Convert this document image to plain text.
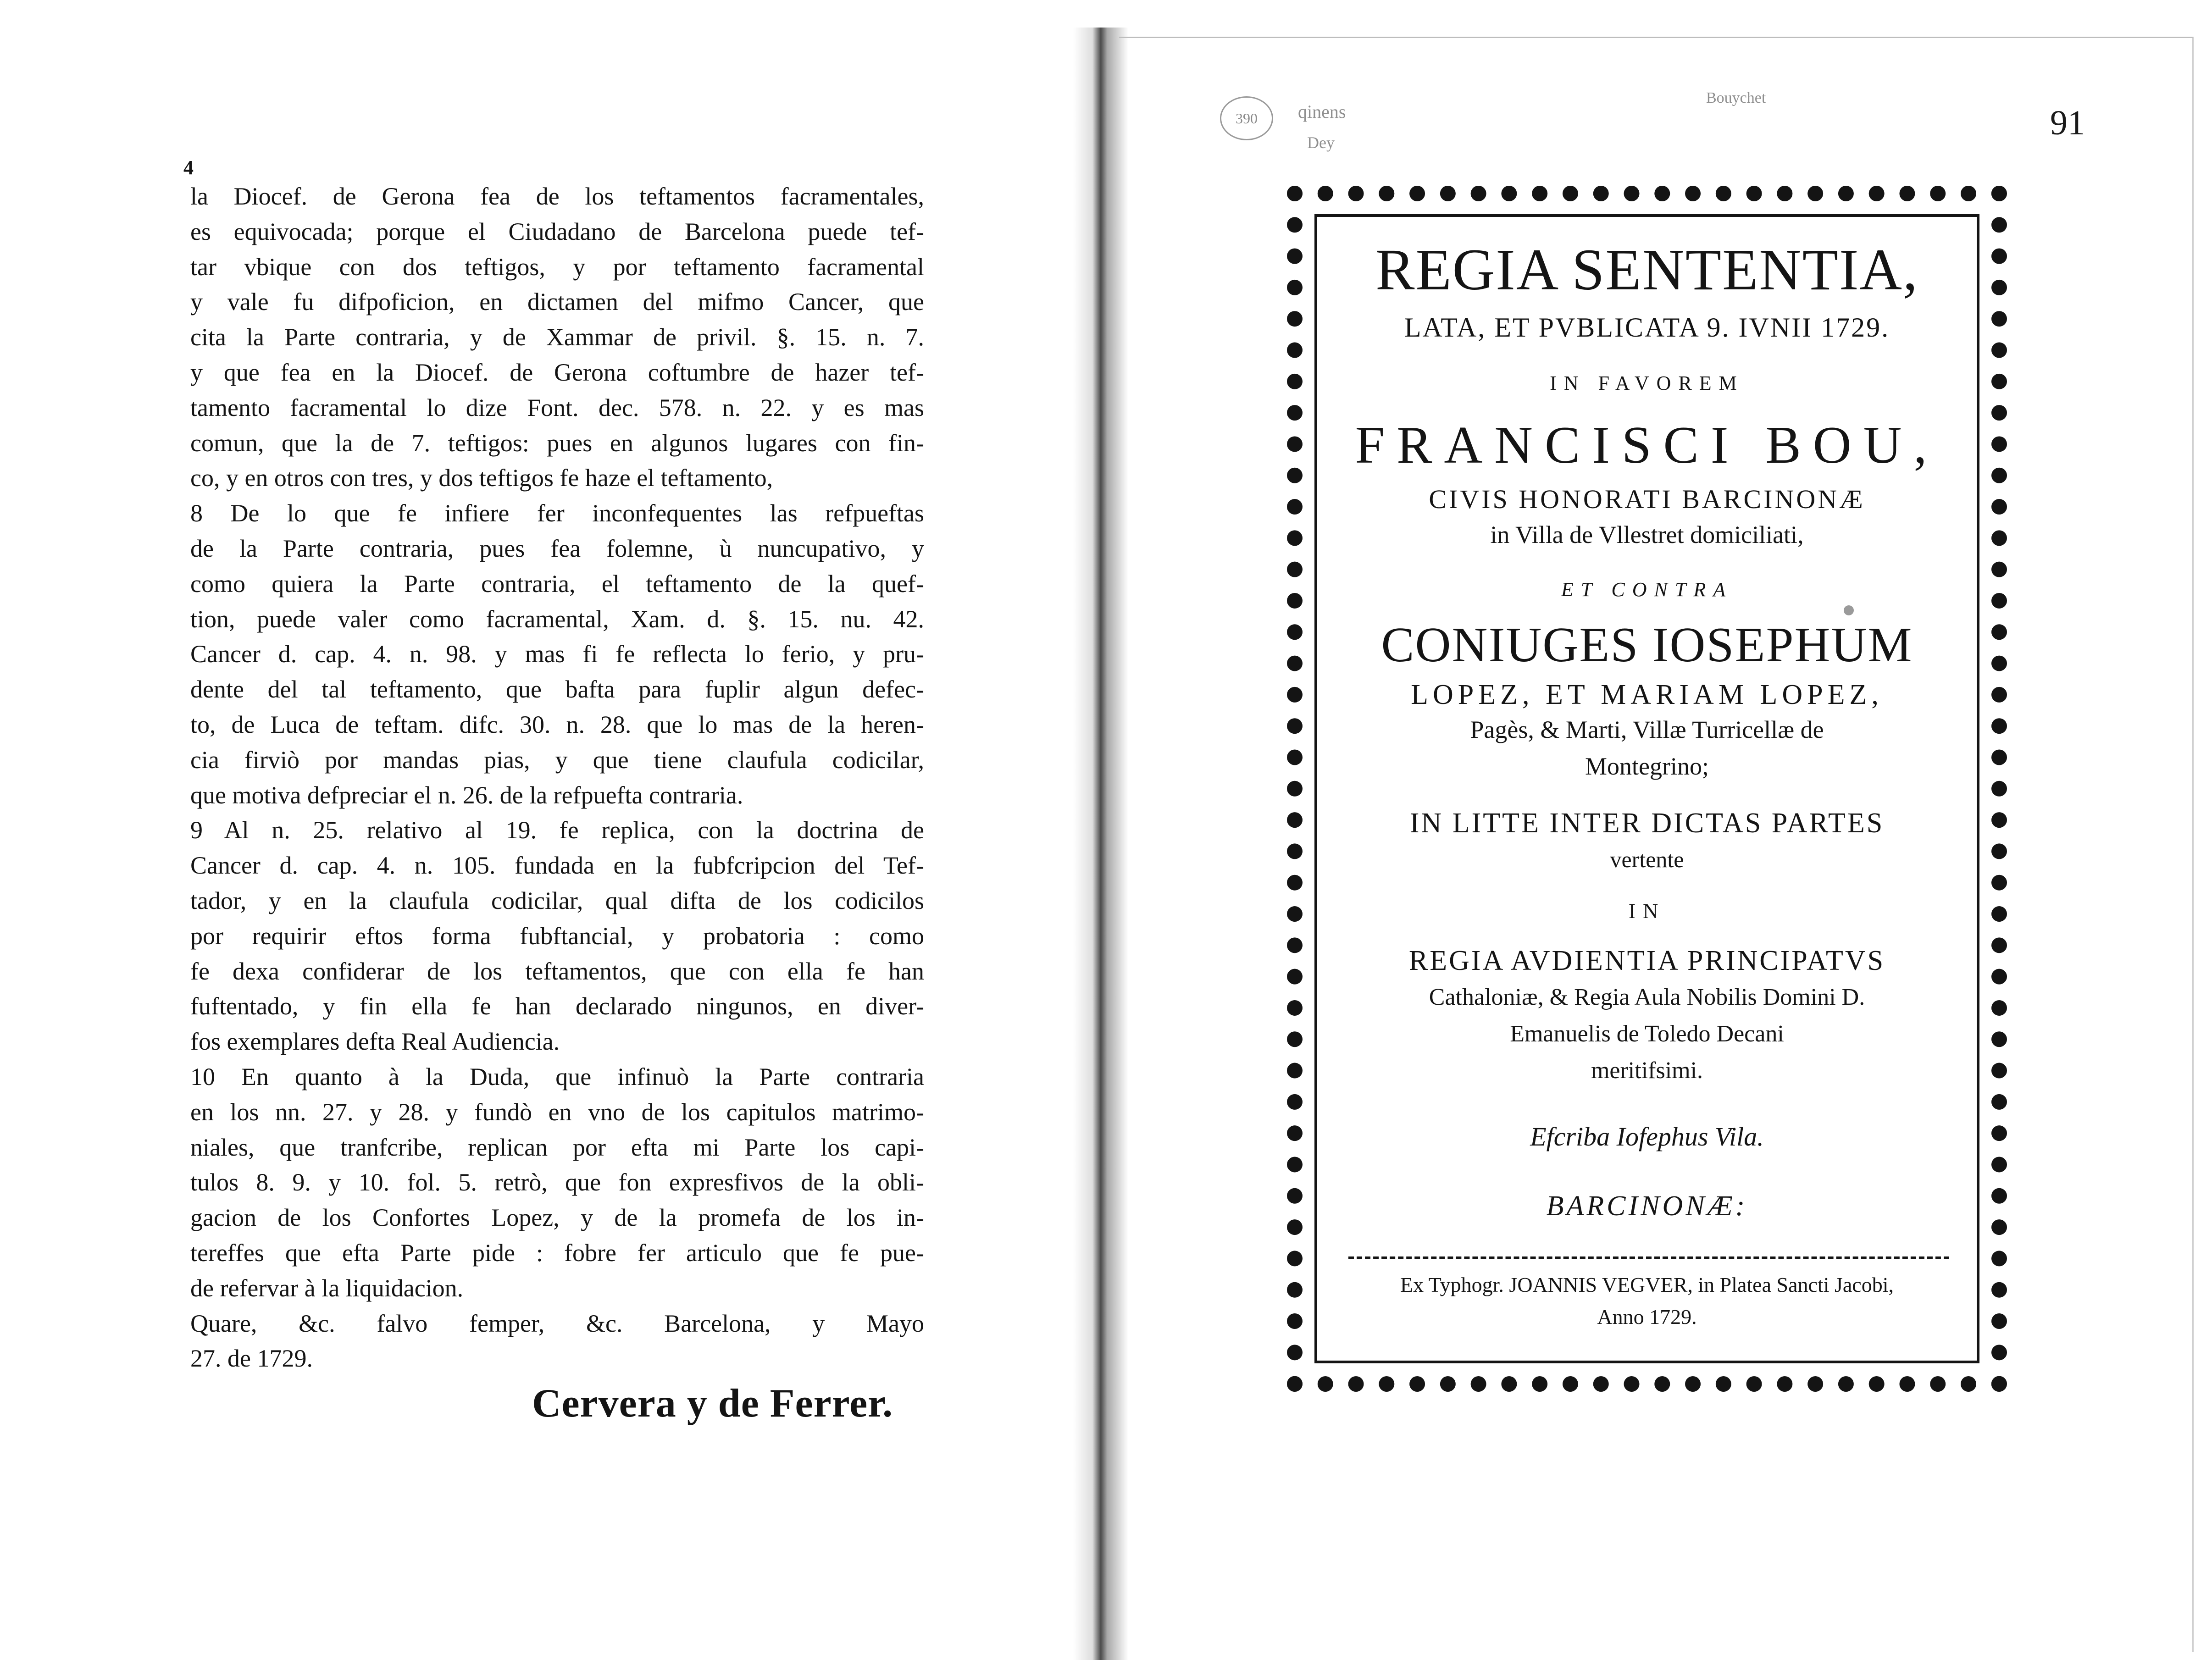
4
la Diocef. de Gerona fea de los teftamentos facramentales,
es equivocada; porque el Ciudadano de Barcelona puede tef-
tar vbique con dos teftigos, y por teftamento facramental
y vale fu difpoficion, en dictamen del mifmo Cancer, que
cita la Parte contraria, y de Xammar de privil. §. 15. n. 7.
y que fea en la Diocef. de Gerona coftumbre de hazer tef-
tamento facramental lo dize Font. dec. 578. n. 22. y es mas
comun, que la de 7. teftigos: pues en algunos lugares con fin-
co, y en otros con tres, y dos teftigos fe haze el teftamento,
8 De lo que fe infiere fer inconfequentes las refpueftas
de la Parte contraria, pues fea folemne, ù nuncupativo, y
como quiera la Parte contraria, el teftamento de la quef-
tion, puede valer como facramental, Xam. d. §. 15. nu. 42.
Cancer d. cap. 4. n. 98. y mas fi fe reflecta lo ferio, y pru-
dente del tal teftamento, que bafta para fuplir algun defec-
to, de Luca de teftam. difc. 30. n. 28. que lo mas de la heren-
cia firviò por mandas pias, y que tiene claufula codicilar,
que motiva defpreciar el n. 26. de la refpuefta contraria.
9 Al n. 25. relativo al 19. fe replica, con la doctrina de
Cancer d. cap. 4. n. 105. fundada en la fubfcripcion del Tef-
tador, y en la claufula codicilar, qual difta de los codicilos
por requirir eftos forma fubftancial, y probatoria : como
fe dexa confiderar de los teftamentos, que con ella fe han
fuftentado, y fin ella fe han declarado ningunos, en diver-
fos exemplares defta Real Audiencia.
10 En quanto à la Duda, que infinuò la Parte contraria
en los nn. 27. y 28. y fundò en vno de los capitulos matrimo-
niales, que tranfcribe, replican por efta mi Parte los capi-
tulos 8. 9. y 10. fol. 5. retrò, que fon expresfivos de la obli-
gacion de los Confortes Lopez, y de la promefa de los in-
tereffes que efta Parte pide : fobre fer articulo que fe pue-
de refervar à la liquidacion.
Quare, &c. falvo femper, &c. Barcelona, y Mayo
27. de 1729.
Cervera y de Ferrer.
390	qinens
Dey
Bouychet
91
REGIA SENTENTIA,
LATA, ET PVBLICATA 9. IVNII 1729.
IN FAVOREM
FRANCISCI BOU,
CIVIS HONORATI BARCINONÆ
in Villa de Vllestret domiciliati,
ET CONTRA
CONIUGES IOSEPHUM
LOPEZ, ET MARIAM LOPEZ,
Pagès, & Marti, Villæ Turricellæ de
Montegrino;
IN LITTE INTER DICTAS PARTES
vertente
IN
REGIA AVDIENTIA PRINCIPATVS
Cathaloniæ, & Regia Aula Nobilis Domini D.
Emanuelis de Toledo Decani
meritifsimi.
Efcriba Iofephus Vila.
BARCINONÆ:
Ex Typhogr. JOANNIS VEGVER, in Platea Sancti Jacobi,
Anno 1729.
